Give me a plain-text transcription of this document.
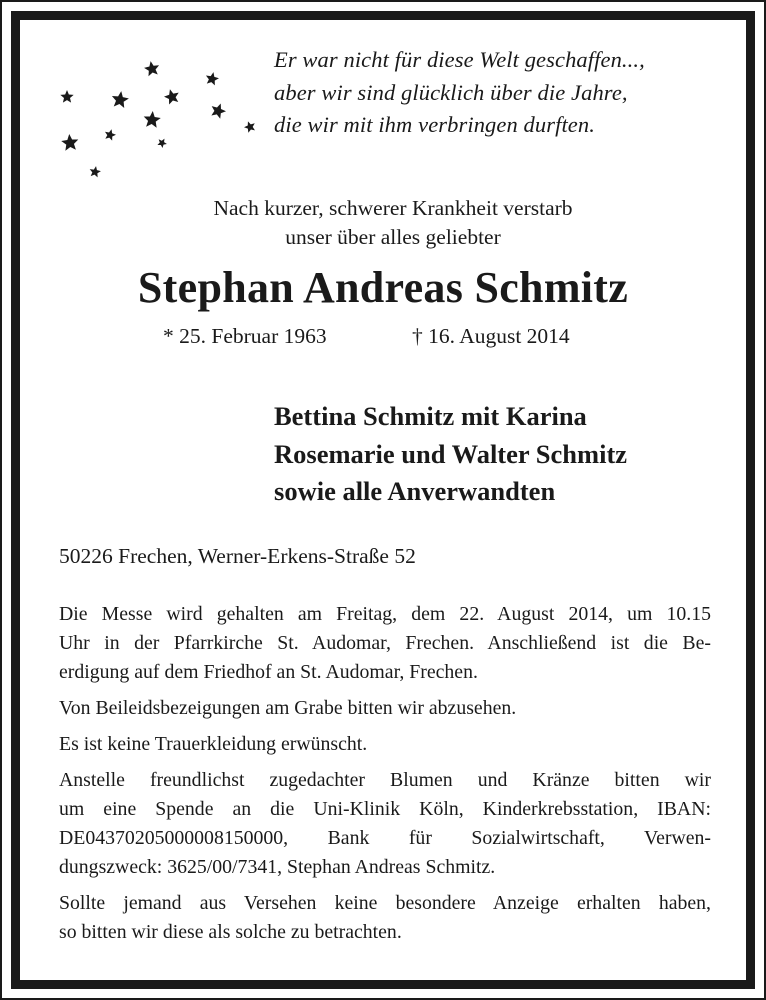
Er war nicht für diese Welt geschaffen...,
aber wir sind glücklich über die Jahre,
die wir mit ihm verbringen durften.
Nach kurzer, schwerer Krankheit verstarb
unser über alles geliebter
Stephan Andreas Schmitz
* 25. Februar 1963	† 16. August 2014
Bettina Schmitz mit Karina
Rosemarie und Walter Schmitz
sowie alle Anverwandten
50226 Frechen, Werner-Erkens-Straße 52
Die Messe wird gehalten am Freitag, dem 22. August 2014, um 10.15
Uhr in der Pfarrkirche St. Audomar, Frechen. Anschließend ist die Be-
erdigung auf dem Friedhof an St. Audomar, Frechen.
Von Beileidsbezeigungen am Grabe bitten wir abzusehen.
Es ist keine Trauerkleidung erwünscht.
Anstelle freundlichst zugedachter Blumen und Kränze bitten wir
um eine Spende an die Uni-Klinik Köln, Kinderkrebsstation, IBAN:
DE04370205000008150000, Bank für Sozialwirtschaft, Verwen-
dungszweck: 3625/00/7341, Stephan Andreas Schmitz.
Sollte jemand aus Versehen keine besondere Anzeige erhalten haben,
so bitten wir diese als solche zu betrachten.
